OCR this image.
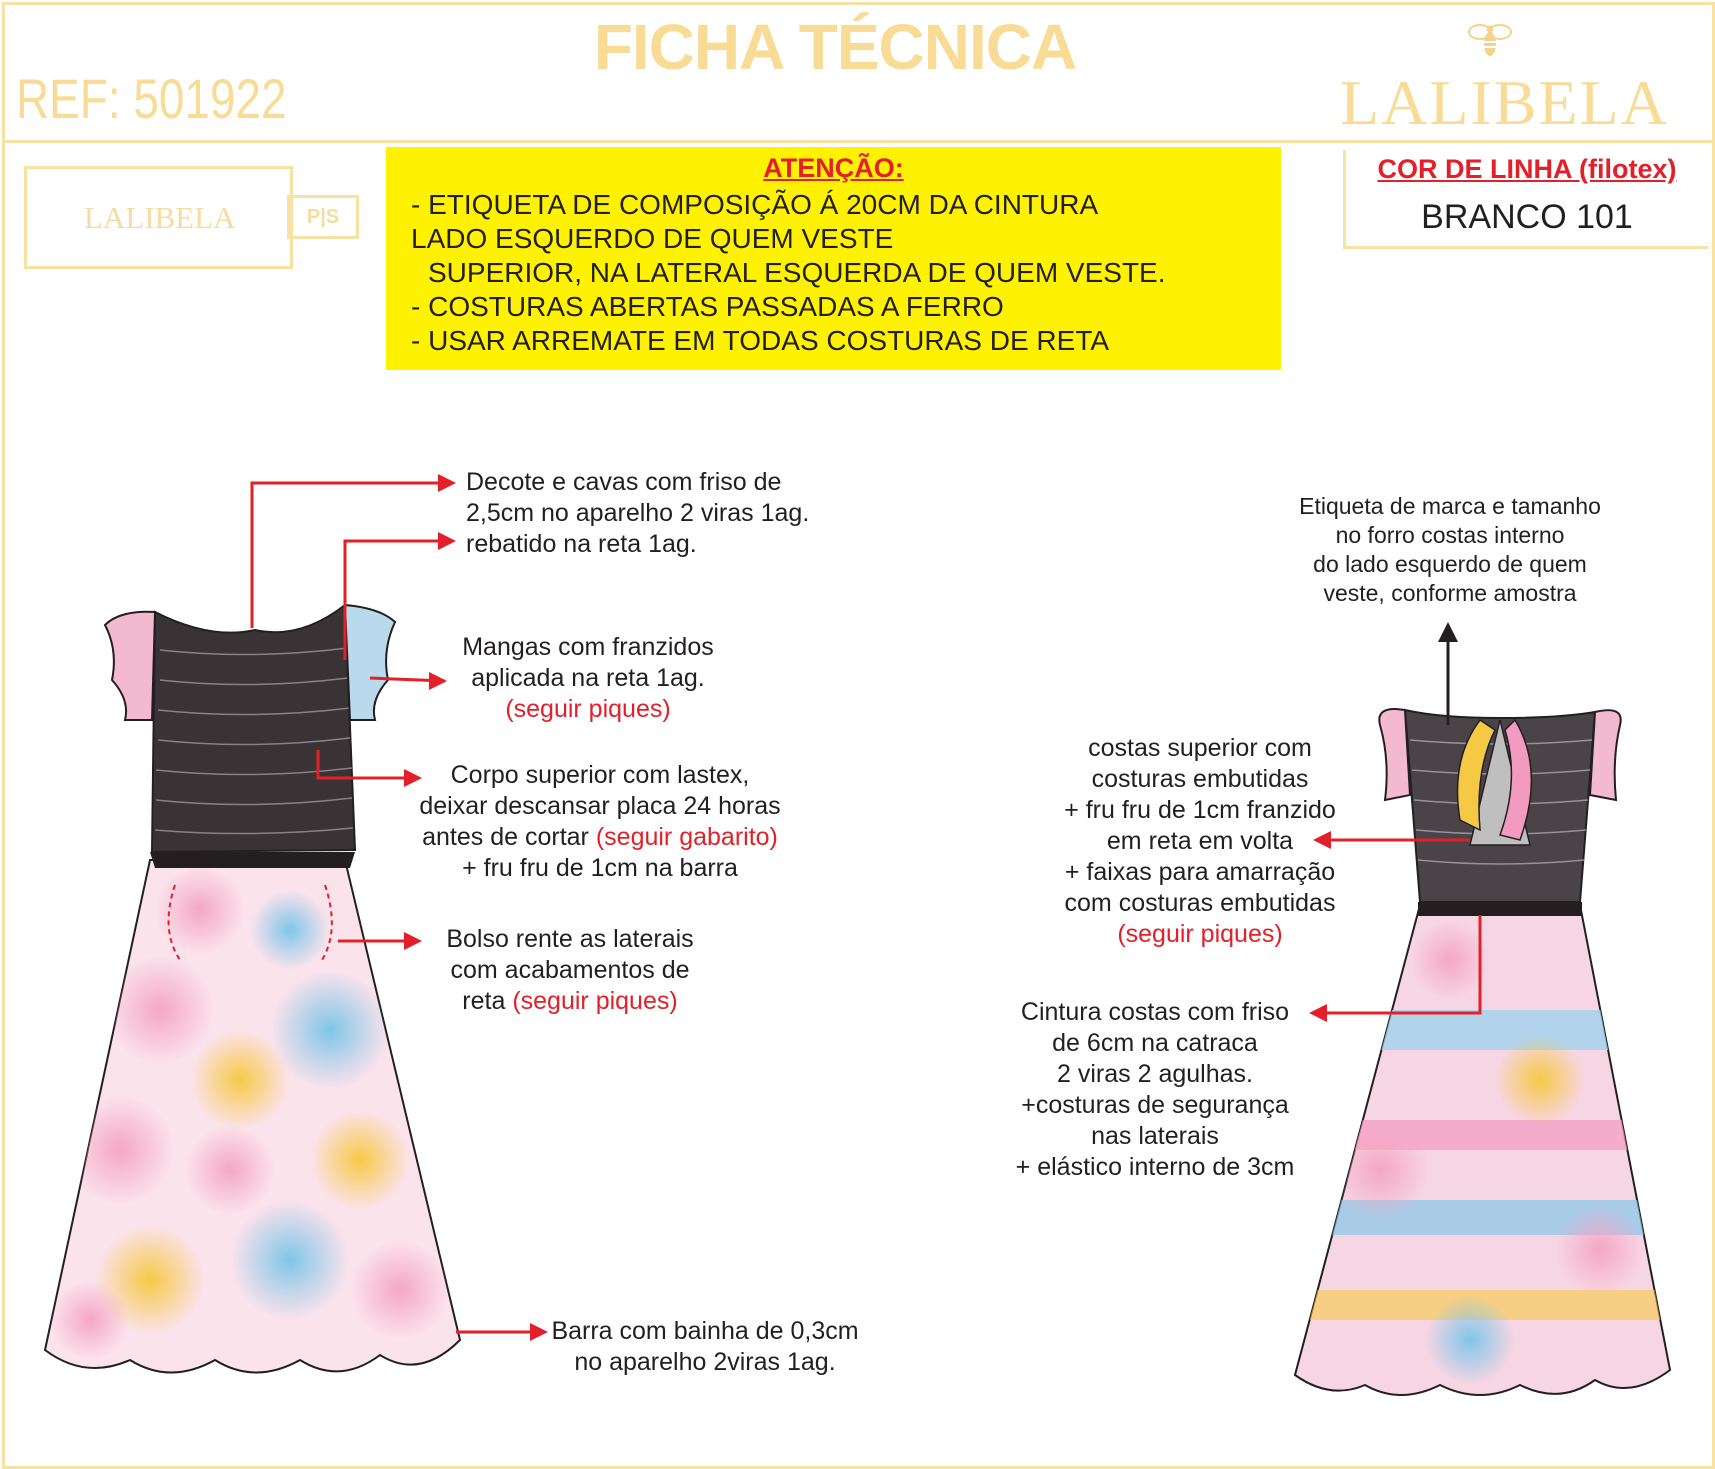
FICHA TÉCNICA
REF: 501922	LALIBELA
LALIBELA	P|S
ATENÇÃO:
- ETIQUETA DE COMPOSIÇÃO Á 20CM DA CINTURA
LADO ESQUERDO DE QUEM VESTE
SUPERIOR, NA LATERAL ESQUERDA DE QUEM VESTE.
- COSTURAS ABERTAS PASSADAS A FERRO
- USAR ARREMATE EM TODAS COSTURAS DE RETA
COR DE LINHA (filotex)
BRANCO 101
Decote e cavas com friso de
2,5cm no aparelho 2 viras 1ag.
rebatido na reta 1ag.
Mangas com franzidos
aplicada na reta 1ag.
(seguir piques)
Corpo superior com lastex,
deixar descansar placa 24 horas
antes de cortar (seguir gabarito)
+ fru fru de 1cm na barra
Bolso rente as laterais
com acabamentos de
reta (seguir piques)
Barra com bainha de 0,3cm
no aparelho 2viras 1ag.
Etiqueta de marca e tamanho
no forro costas interno
do lado esquerdo de quem
veste, conforme amostra
costas superior com
costuras embutidas
+ fru fru de 1cm franzido
em reta em volta
+ faixas para amarração
com costuras embutidas
(seguir piques)
Cintura costas com friso
de 6cm na catraca
2 viras 2 agulhas.
+costuras de segurança
nas laterais
+ elástico interno de 3cm
